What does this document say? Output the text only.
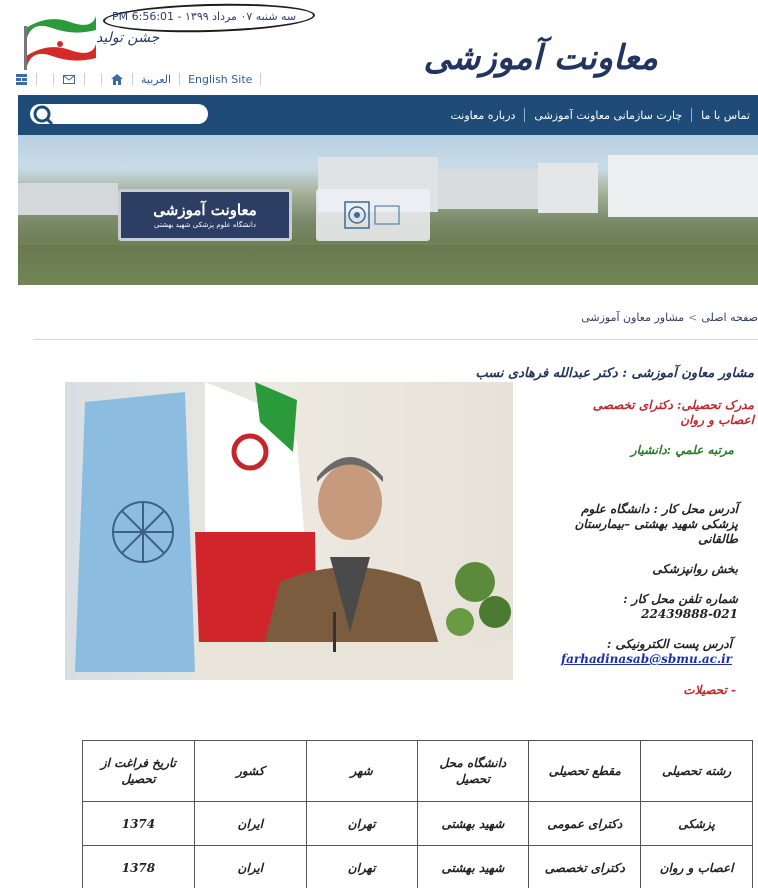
جشن تولید
سه شنبه ۰۷ مرداد ۱۳۹۹ - 6:56:01 PM
معاونت آموزشی
العربية English Site
درباره معاونت	چارت سازمانی معاونت آموزشی	تماس با ما
معاونت آموزشی
دانشگاه علوم پزشکی شهید بهشتی
صفحه اصلی
>
مشاور معاون آموزشی
مشاور معاون آموزشی : دکتر عبدالله فرهادی نسب
مدرک تحصیلی: دکترای تخصصی
اعصاب و روان
مرتبه علمي :دانشیار
آدرس محل کار : دانشگاه علوم
پزشکی شهید بهشتی –بیمارستان
طالقانی
بخش روانپزشکی
شماره تلفن محل کار :
22439888-021
آدرس پست الکترونیکی :
farhadinasab@sbmu.ac.ir
- تحصیلات
رشته تحصیلی	مقطع تحصیلی	دانشگاه محل تحصیل	شهر	کشور	تاریخ فراغت از تحصیل
پزشکی	دکترای عمومی	شهید بهشتی	تهران	ایران	1374
اعصاب و روان	دکترای تخصصی	شهید بهشتی	تهران	ایران	1378
